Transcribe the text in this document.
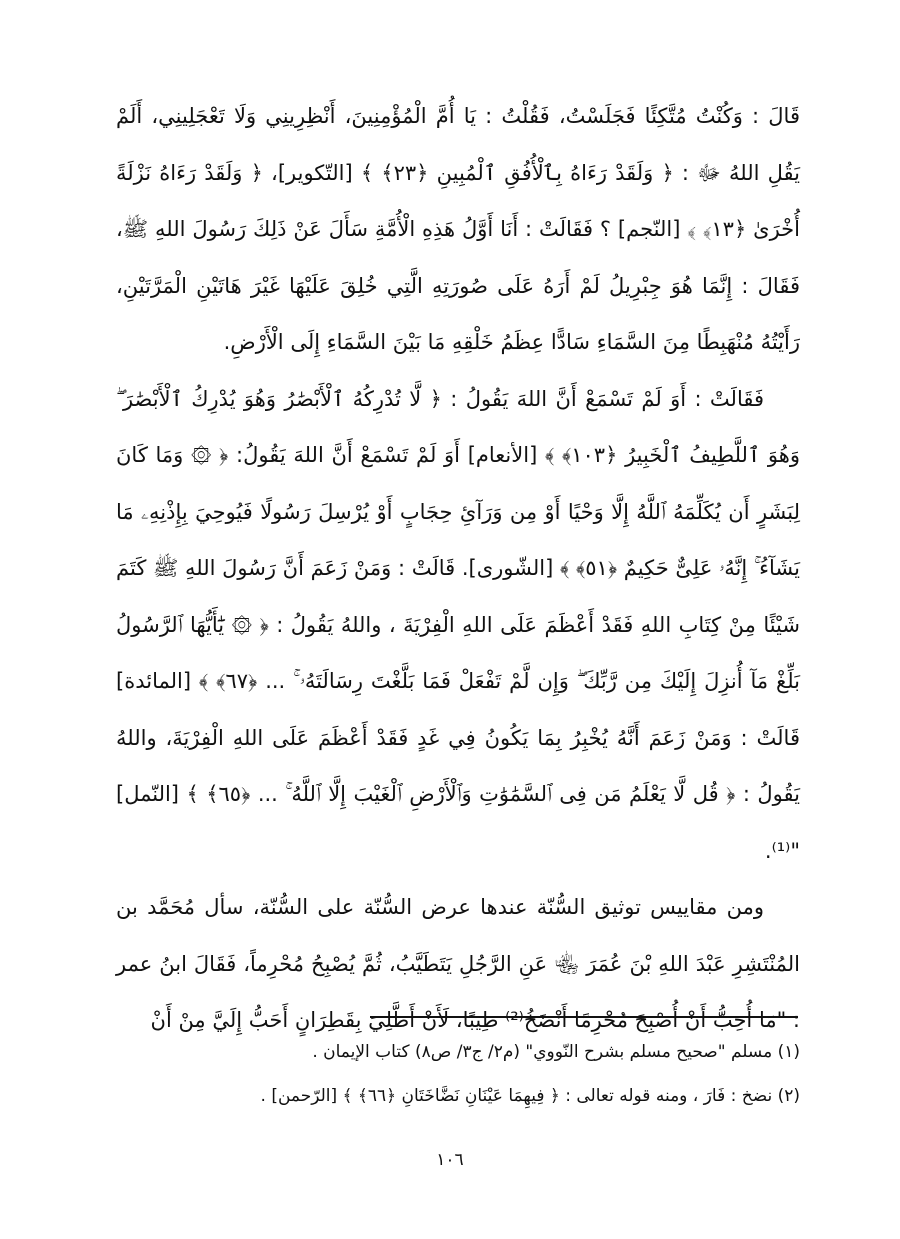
قَالَ : وَكُنْتُ مُتَّكِئًا فَجَلَسْتُ، فَقُلْتُ : يَا أُمَّ الْمُؤْمِنِينَ، أَنْظِرِينِي وَلَا تَعْجَلِينِي، أَلَمْ يَقُلِ اللهُ ﷻ : ﴿ وَلَقَدْ رَءَاهُ بِٱلْأُفُقِ ٱلْمُبِينِ ﴿٢٣﴾ ﴾ [التّكوير]، ﴿ وَلَقَدْ رَءَاهُ نَزْلَةً أُخْرَىٰ ﴿١٣﴾ ﴾ [النّجم] ؟ فَقَالَتْ : أَنَا أَوَّلُ هَذِهِ الْأُمَّةِ سَأَلَ عَنْ ذَلِكَ رَسُولَ اللهِ ﷺ، فَقَالَ : إِنَّمَا هُوَ جِبْرِيلُ لَمْ أَرَهُ عَلَى صُورَتِهِ الَّتِي خُلِقَ عَلَيْهَا غَيْرَ هَاتَيْنِ الْمَرَّتَيْنِ، رَأَيْتُهُ مُنْهَبِطًا مِنَ السَّمَاءِ سَادًّا عِظَمُ خَلْقِهِ مَا بَيْنَ السَّمَاءِ إِلَى الْأَرْضِ.

فَقَالَتْ : أَوَ لَمْ تَسْمَعْ أَنَّ اللهَ يَقُولُ : ﴿ لَّا تُدْرِكُهُ ٱلْأَبْصَٰرُ وَهُوَ يُدْرِكُ ٱلْأَبْصَٰرَ ۖ وَهُوَ ٱللَّطِيفُ ٱلْخَبِيرُ ﴿١٠٣﴾ ﴾ [الأنعام] أَوَ لَمْ تَسْمَعْ أَنَّ اللهَ يَقُولُ: ﴿ ۞ وَمَا كَانَ لِبَشَرٍ أَن يُكَلِّمَهُ ٱللَّهُ إِلَّا وَحْيًا أَوْ مِن وَرَآئِ حِجَابٍ أَوْ يُرْسِلَ رَسُولًا فَيُوحِيَ بِإِذْنِهِۦ مَا يَشَآءُ ۚ إِنَّهُۥ عَلِىٌّ حَكِيمٌ ﴿٥١﴾ ﴾ [الشّورى]. قَالَتْ : وَمَنْ زَعَمَ أَنَّ رَسُولَ اللهِ ﷺ كَتَمَ شَيْئًا مِنْ كِتَابِ اللهِ فَقَدْ أَعْظَمَ عَلَى اللهِ الْفِرْيَةَ ، واللهُ يَقُولُ : ﴿ ۞ يَٰٓأَيُّهَا ٱلرَّسُولُ بَلِّغْ مَآ أُنزِلَ إِلَيْكَ مِن رَّبِّكَ ۖ وَإِن لَّمْ تَفْعَلْ فَمَا بَلَّغْتَ رِسَالَتَهُۥ ۚ ... ﴿٦٧﴾ ﴾ [المائدة] قَالَتْ : وَمَنْ زَعَمَ أَنَّهُ يُخْبِرُ بِمَا يَكُونُ فِي غَدٍ فَقَدْ أَعْظَمَ عَلَى اللهِ الْفِرْيَةَ، واللهُ يَقُولُ : ﴿ قُل لَّا يَعْلَمُ مَن فِى ٱلسَّمَٰوَٰتِ وَٱلْأَرْضِ ٱلْغَيْبَ إِلَّا ٱللَّهُ ۚ ... ﴿٦٥﴾ ﴾ [النّمل] "⁽¹⁾.

ومن مقاييس توثيق السُّنّة عندها عرض السُّنّة على السُّنّة، سأل مُحَمَّد بن المُنْتَشِرِ عَبْدَ اللهِ بْنَ عُمَرَ ﵄ عَنِ الرَّجُلِ يَتَطَيَّبُ، ثُمَّ يُصْبِحُ مُحْرِماً، فَقَالَ ابنُ عمر : "مَا أُحِبُّ أَنْ أُصْبِحَ مُحْرِمًا أَنْضَخُ⁽²⁾ طِيبًا، لَأَنْ أَطَّلِيَ بِقَطِرَانٍ أَحَبُّ إِلَيَّ مِنْ أَنْ

(١) مسلم "صحيح مسلم بشرح النّووي" (م٢/ ج٣/ ص٨) كتاب الإيمان .

(٢) نضخ : فَارَ ، ومنه قوله تعالى : ﴿ فِيهِمَا عَيْنَانِ نَضَّاخَتَانِ ﴿٦٦﴾ ﴾ [الرّحمن] .

١٠٦
